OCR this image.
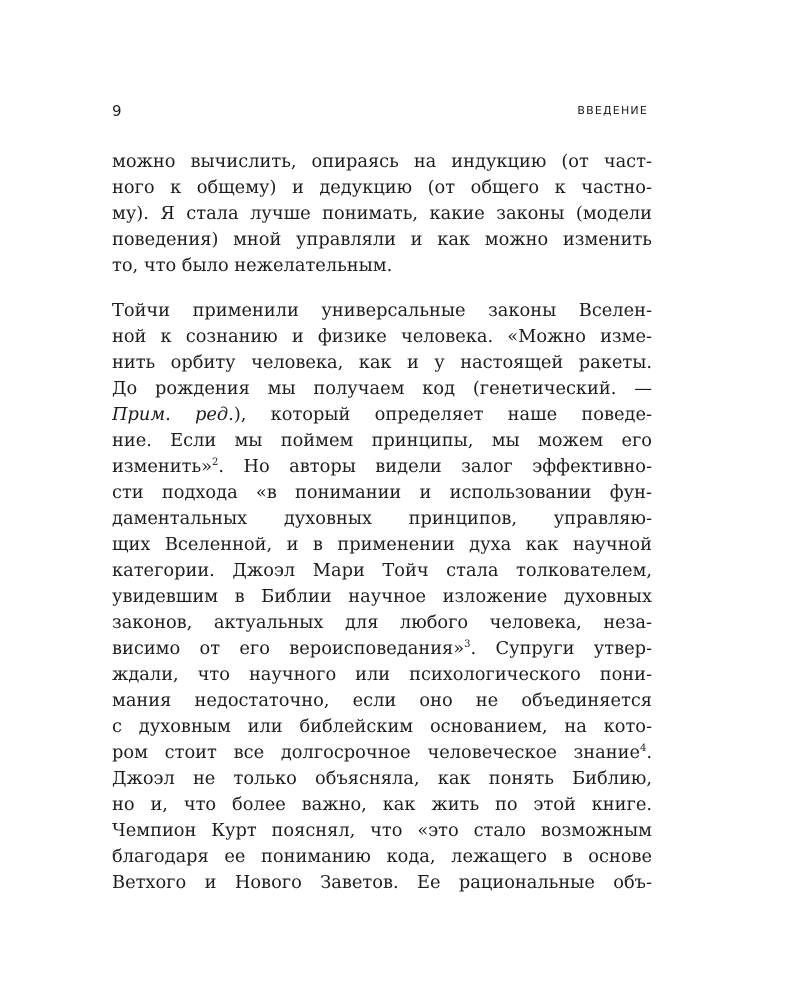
9	ВВЕДЕНИЕ
можно вычислить, опираясь на индукцию (от част-
ного к общему) и дедукцию (от общего к частно-
му). Я стала лучше понимать, какие законы (модели
поведения) мной управляли и как можно изменить
то, что было нежелательным.
Тойчи применили универсальные законы Вселен-
ной к сознанию и физике человека. «Можно изме-
нить орбиту человека, как и у настоящей ракеты.
До рождения мы получаем код (генетический. —
Прим. ред.), который определяет наше поведе-
ние. Если мы поймем принципы, мы можем его
изменить»$^2$. Но авторы видели залог эффективно-
сти подхода «в понимании и использовании фун-
даментальных духовных принципов, управляю-
щих Вселенной, и в применении духа как научной
категории. Джоэл Мари Тойч стала толкователем,
увидевшим в Библии научное изложение духовных
законов, актуальных для любого человека, неза-
висимо от его вероисповедания»$^3$. Супруги утвер-
ждали, что научного или психологического пони-
мания недостаточно, если оно не объединяется
с духовным или библейским основанием, на кото-
ром стоит все долгосрочное человеческое знание$^4$.
Джоэл не только объясняла, как понять Библию,
но и, что более важно, как жить по этой книге.
Чемпион Курт пояснял, что «это стало возможным
благодаря ее пониманию кода, лежащего в основе
Ветхого и Нового Заветов. Ее рациональные объ-
